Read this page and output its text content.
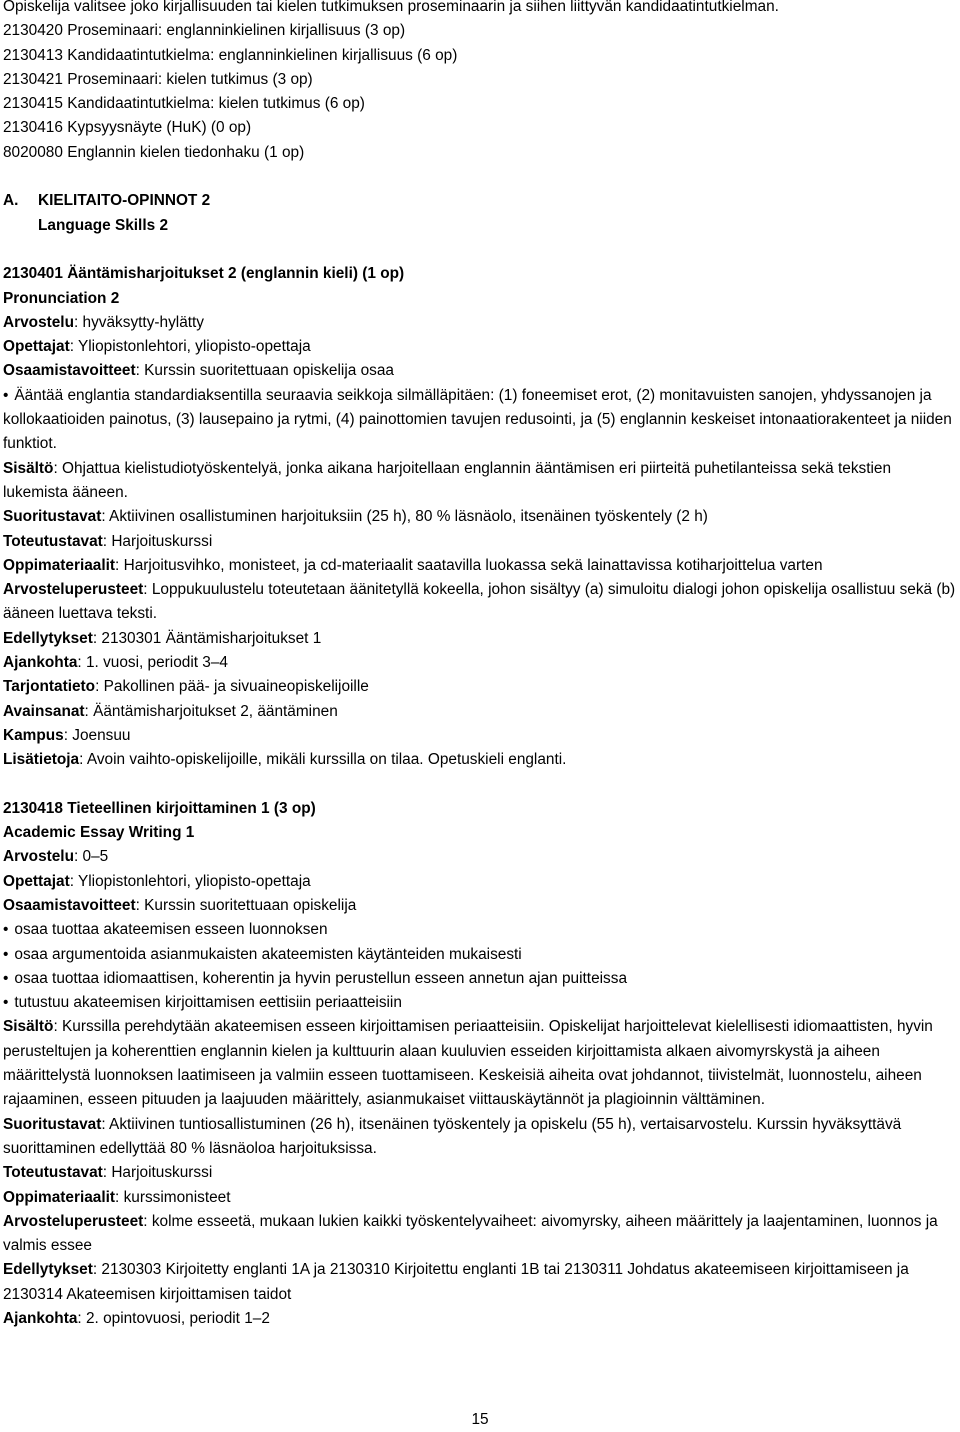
Opiskelija valitsee joko kirjallisuuden tai kielen tutkimuksen proseminaarin ja siihen liittyvän kandidaatintutkielman.
2130420 Proseminaari: englanninkielinen kirjallisuus (3 op)
2130413 Kandidaatintutkielma: englanninkielinen kirjallisuus (6 op)
2130421 Proseminaari: kielen tutkimus (3 op)
2130415 Kandidaatintutkielma: kielen tutkimus (6 op)
2130416 Kypsyysnäyte (HuK) (0 op)
8020080 Englannin kielen tiedonhaku (1 op)
A.	KIELITAITO-OPINNOT 2
Language Skills 2
2130401 Ääntämisharjoitukset 2 (englannin kieli) (1 op)
Pronunciation 2
Arvostelu: hyväksytty-hylätty
Opettajat: Yliopistonlehtori, yliopisto-opettaja
Osaamistavoitteet: Kurssin suoritettuaan opiskelija osaa
• Ääntää englantia standardiaksentilla seuraavia seikkoja silmälläpitäen: (1) foneemiset erot, (2) monitavuisten sanojen, yhdyssanojen ja kollokaatioiden painotus, (3) lausepaino ja rytmi, (4) painottomien tavujen redusointi, ja (5) englannin keskeiset intonaatiorakenteet ja niiden funktiot.
Sisältö: Ohjattua kielistudiotyöskentelyä, jonka aikana harjoitellaan englannin ääntämisen eri piirteitä puhetilanteissa sekä tekstien lukemista ääneen.
Suoritustavat: Aktiivinen osallistuminen harjoituksiin (25 h), 80 % läsnäolo, itsenäinen työskentely (2 h)
Toteutustavat: Harjoituskurssi
Oppimateriaalit: Harjoitusvihko, monisteet, ja cd-materiaalit saatavilla luokassa sekä lainattavissa kotiharjoittelua varten
Arvosteluperusteet: Loppukuulustelu toteutetaan äänitetyllä kokeella, johon sisältyy (a) simuloitu dialogi johon opiskelija osallistuu sekä (b) ääneen luettava teksti.
Edellytykset: 2130301 Ääntämisharjoitukset 1
Ajankohta: 1. vuosi, periodit 3–4
Tarjontatieto: Pakollinen pää- ja sivuaineopiskelijoille
Avainsanat: Ääntämisharjoitukset 2, ääntäminen
Kampus: Joensuu
Lisätietoja: Avoin vaihto-opiskelijoille, mikäli kurssilla on tilaa. Opetuskieli englanti.
2130418 Tieteellinen kirjoittaminen 1 (3 op)
Academic Essay Writing 1
Arvostelu: 0–5
Opettajat: Yliopistonlehtori, yliopisto-opettaja
Osaamistavoitteet: Kurssin suoritettuaan opiskelija
• osaa tuottaa akateemisen esseen luonnoksen
• osaa argumentoida asianmukaisten akateemisten käytänteiden mukaisesti
• osaa tuottaa idiomaattisen, koherentin ja hyvin perustellun esseen annetun ajan puitteissa
• tutustuu akateemisen kirjoittamisen eettisiin periaatteisiin
Sisältö: Kurssilla perehdytään akateemisen esseen kirjoittamisen periaatteisiin. Opiskelijat harjoittelevat kielellisesti idiomaattisten, hyvin perusteltujen ja koherenttien englannin kielen ja kulttuurin alaan kuuluvien esseiden kirjoittamista alkaen aivomyrskystä ja aiheen määrittelystä luonnoksen laatimiseen ja valmiin esseen tuottamiseen. Keskeisiä aiheita ovat johdannot, tiivistelmät, luonnostelu, aiheen rajaaminen, esseen pituuden ja laajuuden määrittely, asianmukaiset viittauskäytännöt ja plagioinnin välttäminen.
Suoritustavat: Aktiivinen tuntiosallistuminen (26 h), itsenäinen työskentely ja opiskelu (55 h), vertaisarvostelu. Kurssin hyväksyttävä suorittaminen edellyttää 80 % läsnäoloa harjoituksissa.
Toteutustavat: Harjoituskurssi
Oppimateriaalit: kurssimonisteet
Arvosteluperusteet: kolme esseetä, mukaan lukien kaikki työskentelyvaiheet: aivomyrsky, aiheen määrittely ja laajentaminen, luonnos ja valmis essee
Edellytykset: 2130303 Kirjoitetty englanti 1A ja 2130310 Kirjoitettu englanti 1B tai 2130311 Johdatus akateemiseen kirjoittamiseen ja 2130314 Akateemisen kirjoittamisen taidot
Ajankohta: 2. opintovuosi, periodit 1–2
15
